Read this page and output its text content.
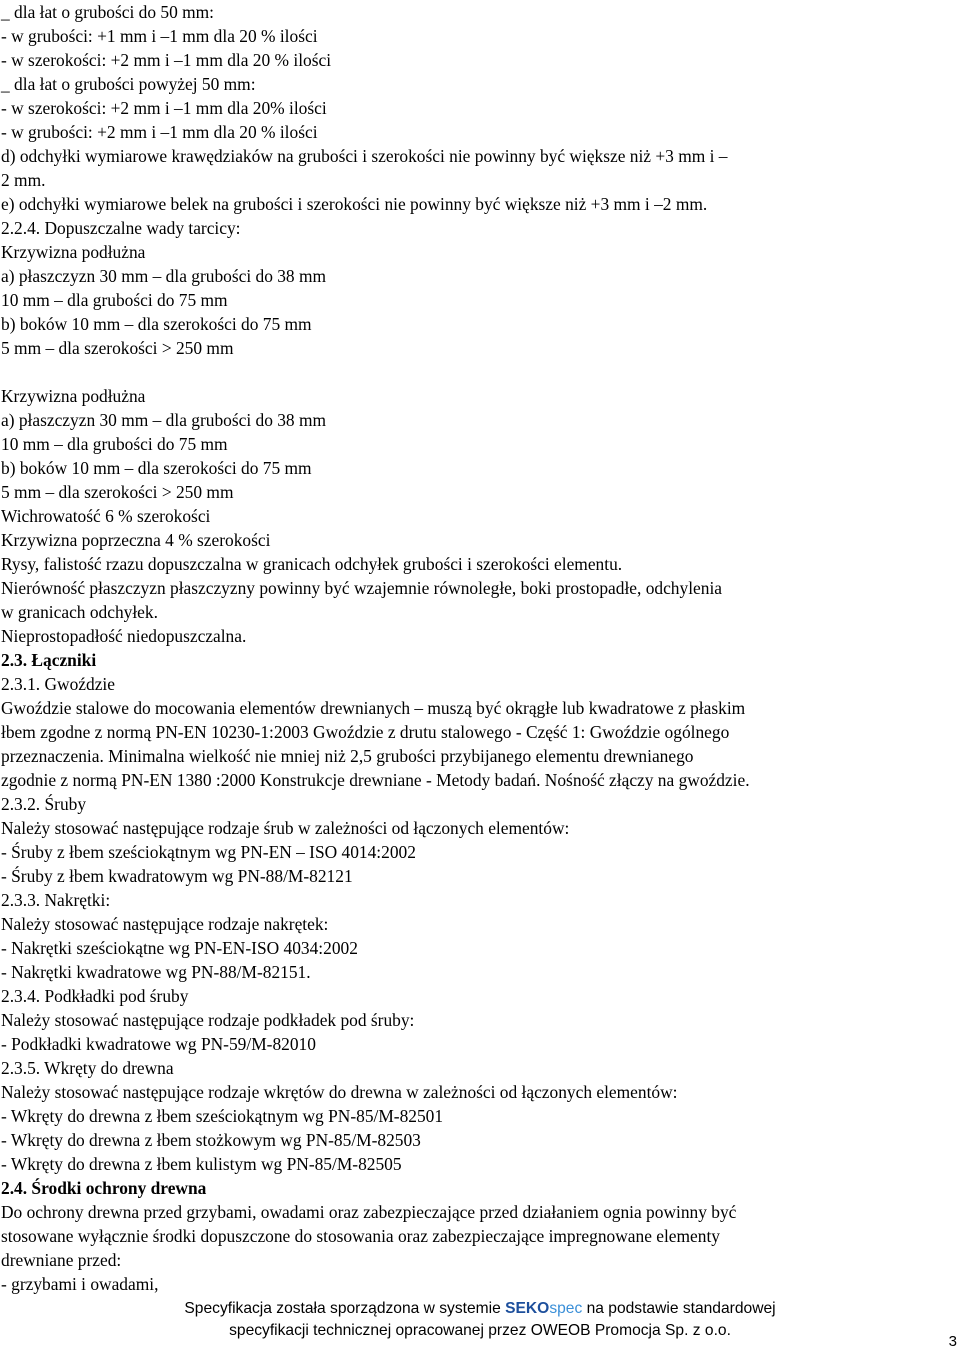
_ dla łat o grubości do 50 mm:
- w grubości: +1 mm i –1 mm dla 20 % ilości
- w szerokości: +2 mm i –1 mm dla 20 % ilości
_ dla łat o grubości powyżej 50 mm:
- w szerokości: +2 mm i –1 mm dla 20% ilości
- w grubości: +2 mm i –1 mm dla 20 % ilości
d) odchyłki wymiarowe krawędziaków na grubości i szerokości nie powinny być większe niż +3 mm i –
2 mm.
e) odchyłki wymiarowe belek na grubości i szerokości nie powinny być większe niż +3 mm i –2 mm.
2.2.4. Dopuszczalne wady tarcicy:
Krzywizna podłużna
a) płaszczyzn 30 mm – dla grubości do 38 mm
10 mm – dla grubości do 75 mm
b) boków 10 mm – dla szerokości do 75 mm
5 mm – dla szerokości > 250 mm
Krzywizna podłużna
a) płaszczyzn 30 mm – dla grubości do 38 mm
10 mm – dla grubości do 75 mm
b) boków 10 mm – dla szerokości do 75 mm
5 mm – dla szerokości > 250 mm
Wichrowatość 6 % szerokości
Krzywizna poprzeczna 4 % szerokości
Rysy, falistość rzazu dopuszczalna w granicach odchyłek grubości i szerokości elementu.
Nierówność płaszczyzn płaszczyzny powinny być wzajemnie równoległe, boki prostopadłe, odchylenia
w granicach odchyłek.
Nieprostopadłość niedopuszczalna.
2.3. Łączniki
2.3.1. Gwoździe
Gwoździe stalowe do mocowania elementów drewnianych – muszą być okrągłe lub kwadratowe z płaskim
łbem zgodne z normą PN-EN 10230-1:2003 Gwoździe z drutu stalowego - Część 1: Gwoździe ogólnego
przeznaczenia. Minimalna wielkość nie mniej niż 2,5 grubości przybijanego elementu drewnianego
zgodnie z normą PN-EN 1380 :2000 Konstrukcje drewniane - Metody badań. Nośność złączy na gwoździe.
2.3.2. Śruby
Należy stosować następujące rodzaje śrub w zależności od łączonych elementów:
- Śruby z łbem sześciokątnym wg PN-EN – ISO 4014:2002
- Śruby z łbem kwadratowym wg PN-88/M-82121
2.3.3. Nakrętki:
Należy stosować następujące rodzaje nakrętek:
- Nakrętki sześciokątne wg PN-EN-ISO 4034:2002
- Nakrętki kwadratowe wg PN-88/M-82151.
2.3.4. Podkładki pod śruby
Należy stosować następujące rodzaje podkładek pod śruby:
- Podkładki kwadratowe wg PN-59/M-82010
2.3.5. Wkręty do drewna
Należy stosować następujące rodzaje wkrętów do drewna w zależności od łączonych elementów:
- Wkręty do drewna z łbem sześciokątnym wg PN-85/M-82501
- Wkręty do drewna z łbem stożkowym wg PN-85/M-82503
- Wkręty do drewna z łbem kulistym wg PN-85/M-82505
2.4. Środki ochrony drewna
Do ochrony drewna przed grzybami, owadami oraz zabezpieczające przed działaniem ognia powinny być
stosowane wyłącznie środki dopuszczone do stosowania oraz zabezpieczające impregnowane elementy
drewniane przed:
- grzybami i owadami,
Specyfikacja została sporządzona w systemie SEKOspec na podstawie standardowej
specyfikacji technicznej opracowanej przez OWEOB Promocja Sp. z o.o.
3
